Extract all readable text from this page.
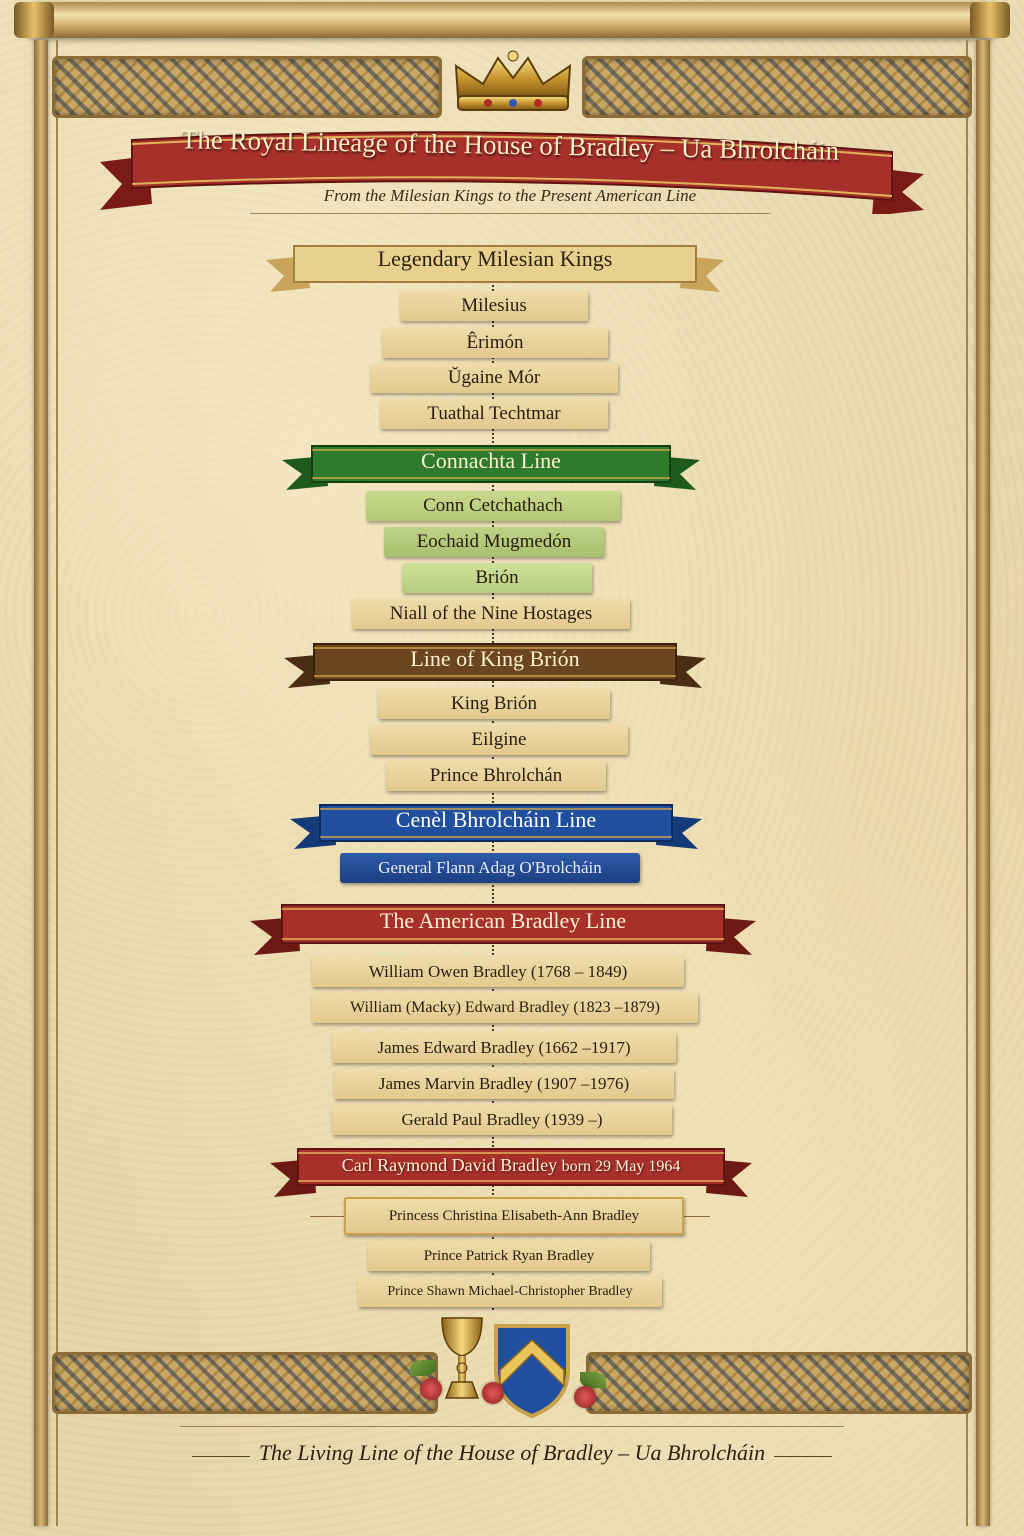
The Royal Lineage of the House of Bradley – Ua Bhrolcháin
From the Milesian Kings to the Present American Line
Legendary Milesian Kings
Milesius
Êrimón
Ŭgaine Mór
Tuathal Techtmar
Connachta Line
Conn Cetchathach
Eochaid Mugmedón
Brión
Niall of the Nine Hostages
Line of King Brión
King Brión
Eilgine
Prince Bhrolchán
Cenèl Bhrolcháin Line
General Flann Adag O'Brolcháin
The American Bradley Line
William Owen Bradley (1768 – 1849)
William (Macky) Edward Bradley (1823 –1879)
James Edward Bradley (1662 –1917)
James Marvin Bradley (1907 –1976)
Gerald Paul Bradley (1939 –)
Carl Raymond David Bradley born 29 May 1964
Princess Christina Elisabeth-Ann Bradley
Prince Patrick Ryan Bradley
Prince Shawn Michael-Christopher Bradley
The Living Line of the House of Bradley – Ua Bhrolcháin
